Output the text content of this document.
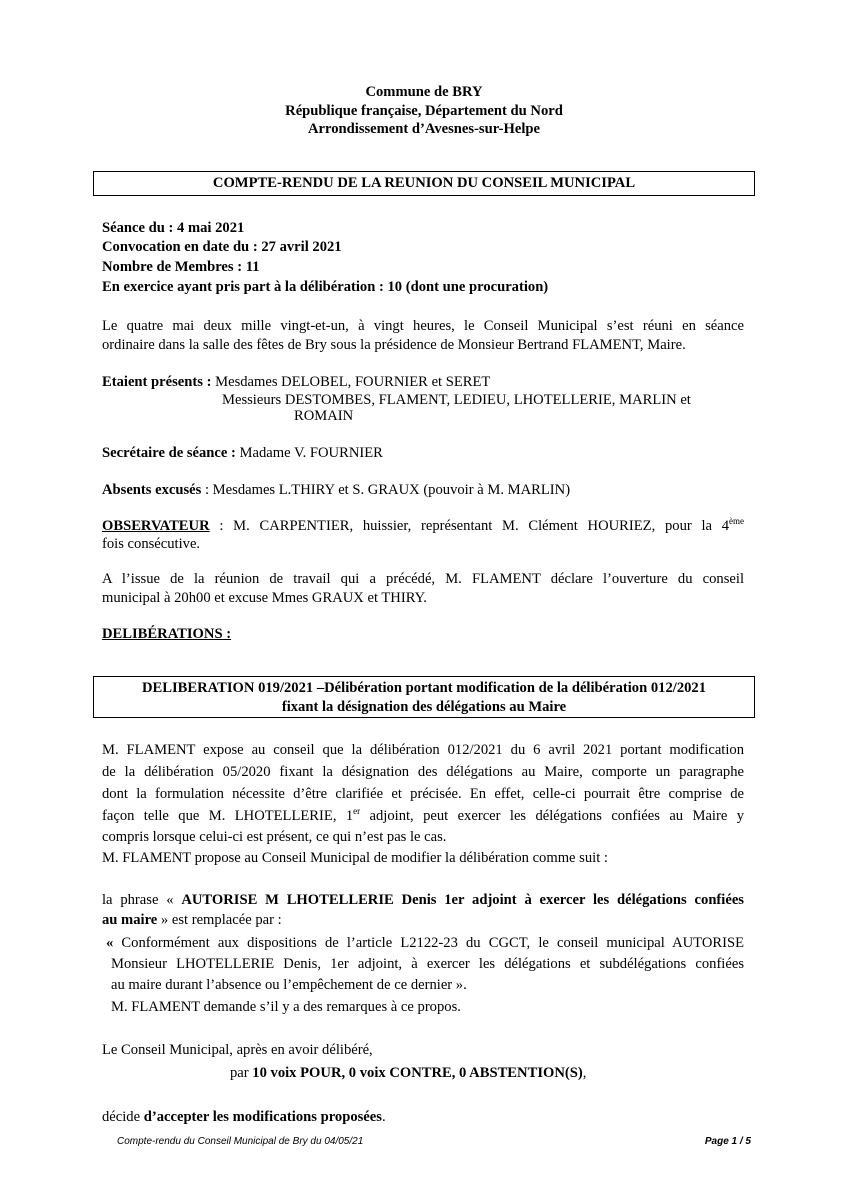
Commune de BRY
République française, Département du Nord
Arrondissement d’Avesnes-sur-Helpe
COMPTE-RENDU DE LA REUNION DU CONSEIL MUNICIPAL
Séance du : 4 mai 2021
Convocation en date du : 27 avril 2021
Nombre de Membres : 11
En exercice ayant pris part à la délibération : 10 (dont une procuration)
Le quatre mai deux mille vingt-et-un, à vingt heures, le Conseil Municipal s’est réuni en séance
ordinaire dans la salle des fêtes de Bry sous la présidence de Monsieur Bertrand FLAMENT, Maire.
Etaient présents : Mesdames DELOBEL, FOURNIER et SERET
Messieurs DESTOMBES, FLAMENT, LEDIEU, LHOTELLERIE, MARLIN et
ROMAIN
Secrétaire de séance : Madame V. FOURNIER
Absents excusés : Mesdames L.THIRY et S. GRAUX (pouvoir à M. MARLIN)
OBSERVATEUR : M. CARPENTIER, huissier, représentant M. Clément HOURIEZ, pour la 4ème
fois consécutive.
A l’issue de la réunion de travail qui a précédé, M. FLAMENT déclare l’ouverture du conseil
municipal à 20h00 et excuse Mmes GRAUX et THIRY.
DELIBÉRATIONS :
DELIBERATION 019/2021 –Délibération portant modification de la délibération 012/2021
fixant la désignation des délégations au Maire
M. FLAMENT expose au conseil que la délibération 012/2021 du 6 avril 2021 portant modification
de la délibération 05/2020 fixant la désignation des délégations au Maire, comporte un paragraphe
dont la formulation nécessite d’être clarifiée et précisée. En effet, celle-ci pourrait être comprise de
façon telle que M. LHOTELLERIE, 1er adjoint, peut exercer les délégations confiées au Maire y
compris lorsque celui-ci est présent, ce qui n’est pas le cas.
M. FLAMENT propose au Conseil Municipal de modifier la délibération comme suit :
la phrase « AUTORISE M LHOTELLERIE Denis 1er adjoint à exercer les délégations confiées
au maire » est remplacée par :
« Conformément aux dispositions de l’article L2122-23 du CGCT, le conseil municipal AUTORISE
Monsieur LHOTELLERIE Denis, 1er adjoint, à exercer les délégations et subdélégations confiées
au maire durant l’absence ou l’empêchement de ce dernier ».
M. FLAMENT demande s’il y a des remarques à ce propos.
Le Conseil Municipal, après en avoir délibéré,
par 10 voix POUR, 0 voix CONTRE, 0 ABSTENTION(S),
décide d’accepter les modifications proposées.
Compte-rendu du Conseil Municipal de Bry du 04/05/21	Page 1 / 5
